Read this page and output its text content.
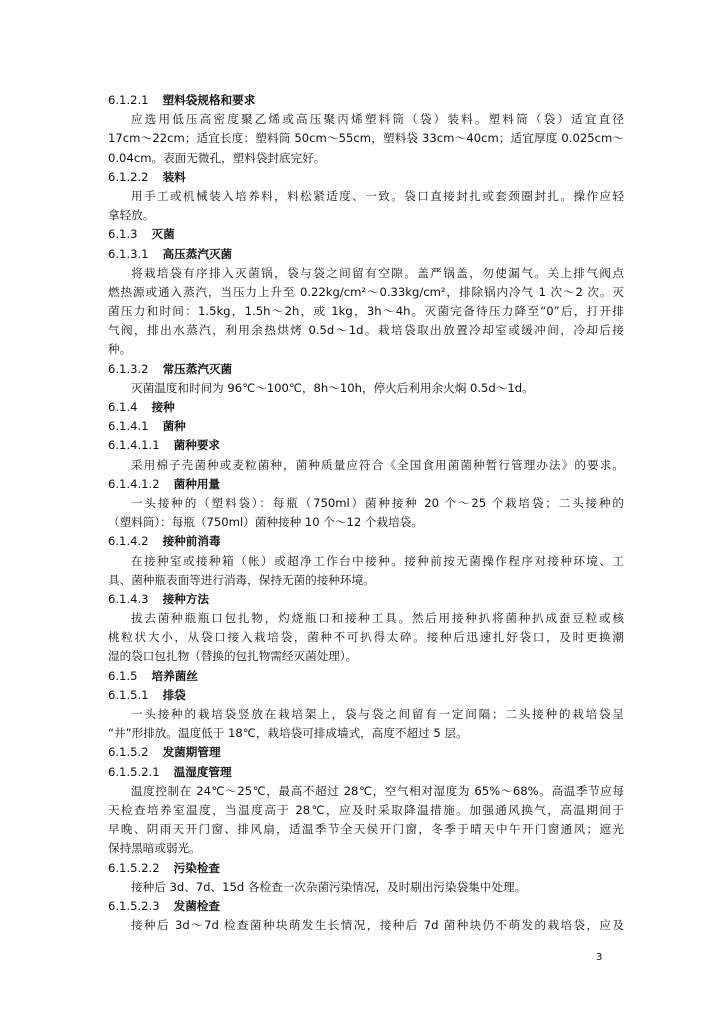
6.1.2.1 塑料袋规格和要求
应选用低压高密度聚乙烯或高压聚丙烯塑料筒（袋）装料。塑料筒（袋）适宜直径
17cm～22cm；适宜长度：塑料筒 50cm～55cm，塑料袋 33cm～40cm；适宜厚度 0.025cm～
0.04cm。表面无微孔，塑料袋封底完好。
6.1.2.2 装料
用手工或机械装入培养料，料松紧适度、一致。袋口直接封扎或套颈圈封扎。操作应轻
拿轻放。
6.1.3 灭菌
6.1.3.1 高压蒸汽灭菌
将栽培袋有序排入灭菌锅，袋与袋之间留有空隙。盖严锅盖，勿使漏气。关上排气阀点
燃热源或通入蒸汽，当压力上升至 0.22kg/cm²～0.33kg/cm²，排除锅内冷气 1 次～2 次。灭
菌压力和时间：1.5kg，1.5h～2h，或 1kg，3h～4h。灭菌完备待压力降至“0”后，打开排
气阀，排出水蒸汽，利用余热烘烤 0.5d～1d。栽培袋取出放置冷却室或缓冲间，冷却后接
种。
6.1.3.2 常压蒸汽灭菌
灭菌温度和时间为 96℃～100℃，8h～10h，停火后利用余火焖 0.5d～1d。
6.1.4 接种
6.1.4.1 菌种
6.1.4.1.1 菌种要求
采用棉子壳菌种或麦粒菌种，菌种质量应符合《全国食用菌菌种暂行管理办法》的要求。
6.1.4.1.2 菌种用量
一头接种的（塑料袋）：每瓶（750ml）菌种接种 20 个～25 个栽培袋；二头接种的
（塑料筒）：每瓶（750ml）菌种接种 10 个～12 个栽培袋。
6.1.4.2 接种前消毒
在接种室或接种箱（帐）或超净工作台中接种。接种前按无菌操作程序对接种环境、工
具、菌种瓶表面等进行消毒，保持无菌的接种环境。
6.1.4.3 接种方法
拔去菌种瓶瓶口包扎物，灼烧瓶口和接种工具。然后用接种扒将菌种扒成蚕豆粒或核
桃粒状大小，从袋口接入栽培袋，菌种不可扒得太碎。接种后迅速扎好袋口，及时更换潮
湿的袋口包扎物（替换的包扎物需经灭菌处理）。
6.1.5 培养菌丝
6.1.5.1 排袋
一头接种的栽培袋竖放在栽培架上，袋与袋之间留有一定间隔；二头接种的栽培袋呈
“井”形排放。温度低于 18℃，栽培袋可排成墙式，高度不超过 5 层。
6.1.5.2 发菌期管理
6.1.5.2.1 温湿度管理
温度控制在 24℃～25℃，最高不超过 28℃，空气相对湿度为 65%～68%。高温季节应每
天检查培养室温度，当温度高于 28℃，应及时采取降温措施。加强通风换气，高温期间于
早晚、阴雨天开门窗、排风扇，适温季节全天侯开门窗，冬季于晴天中午开门窗通风；遮光
保持黑暗或弱光。
6.1.5.2.2 污染检查
接种后 3d、7d、15d 各检查一次杂菌污染情况，及时剔出污染袋集中处理。
6.1.5.2.3 发菌检查
接种后 3d～7d 检查菌种块萌发生长情况，接种后 7d 菌种块仍不萌发的栽培袋，应及
3
